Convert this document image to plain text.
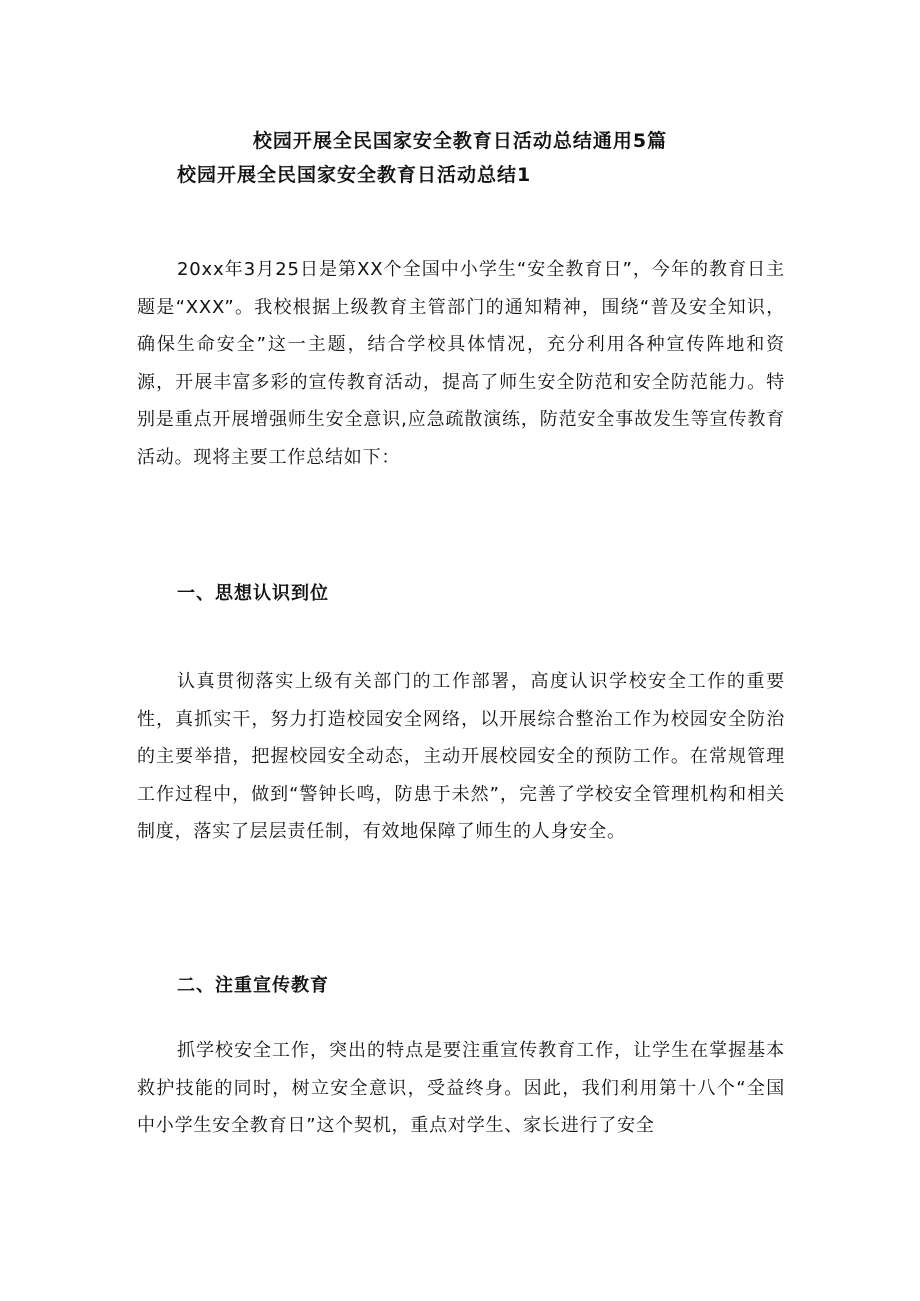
校园开展全民国家安全教育日活动总结通用5篇
校园开展全民国家安全教育日活动总结1

20xx年3月25日是第XX个全国中小学生“安全教育日”，今年的教育日主题是“XXX”。我校根据上级教育主管部门的通知精神，围绕“普及安全知识，确保生命安全”这一主题，结合学校具体情况，充分利用各种宣传阵地和资源，开展丰富多彩的宣传教育活动，提高了师生安全防范和安全防范能力。特别是重点开展增强师生安全意识,应急疏散演练，防范安全事故发生等宣传教育活动。现将主要工作总结如下：

一、思想认识到位

认真贯彻落实上级有关部门的工作部署，高度认识学校安全工作的重要性，真抓实干，努力打造校园安全网络，以开展综合整治工作为校园安全防治的主要举措，把握校园安全动态，主动开展校园安全的预防工作。在常规管理工作过程中，做到“警钟长鸣，防患于未然”，完善了学校安全管理机构和相关制度，落实了层层责任制，有效地保障了师生的人身安全。

二、注重宣传教育

抓学校安全工作，突出的特点是要注重宣传教育工作，让学生在掌握基本救护技能的同时，树立安全意识，受益终身。因此，我们利用第十八个“全国中小学生安全教育日”这个契机，重点对学生、家长进行了安全
